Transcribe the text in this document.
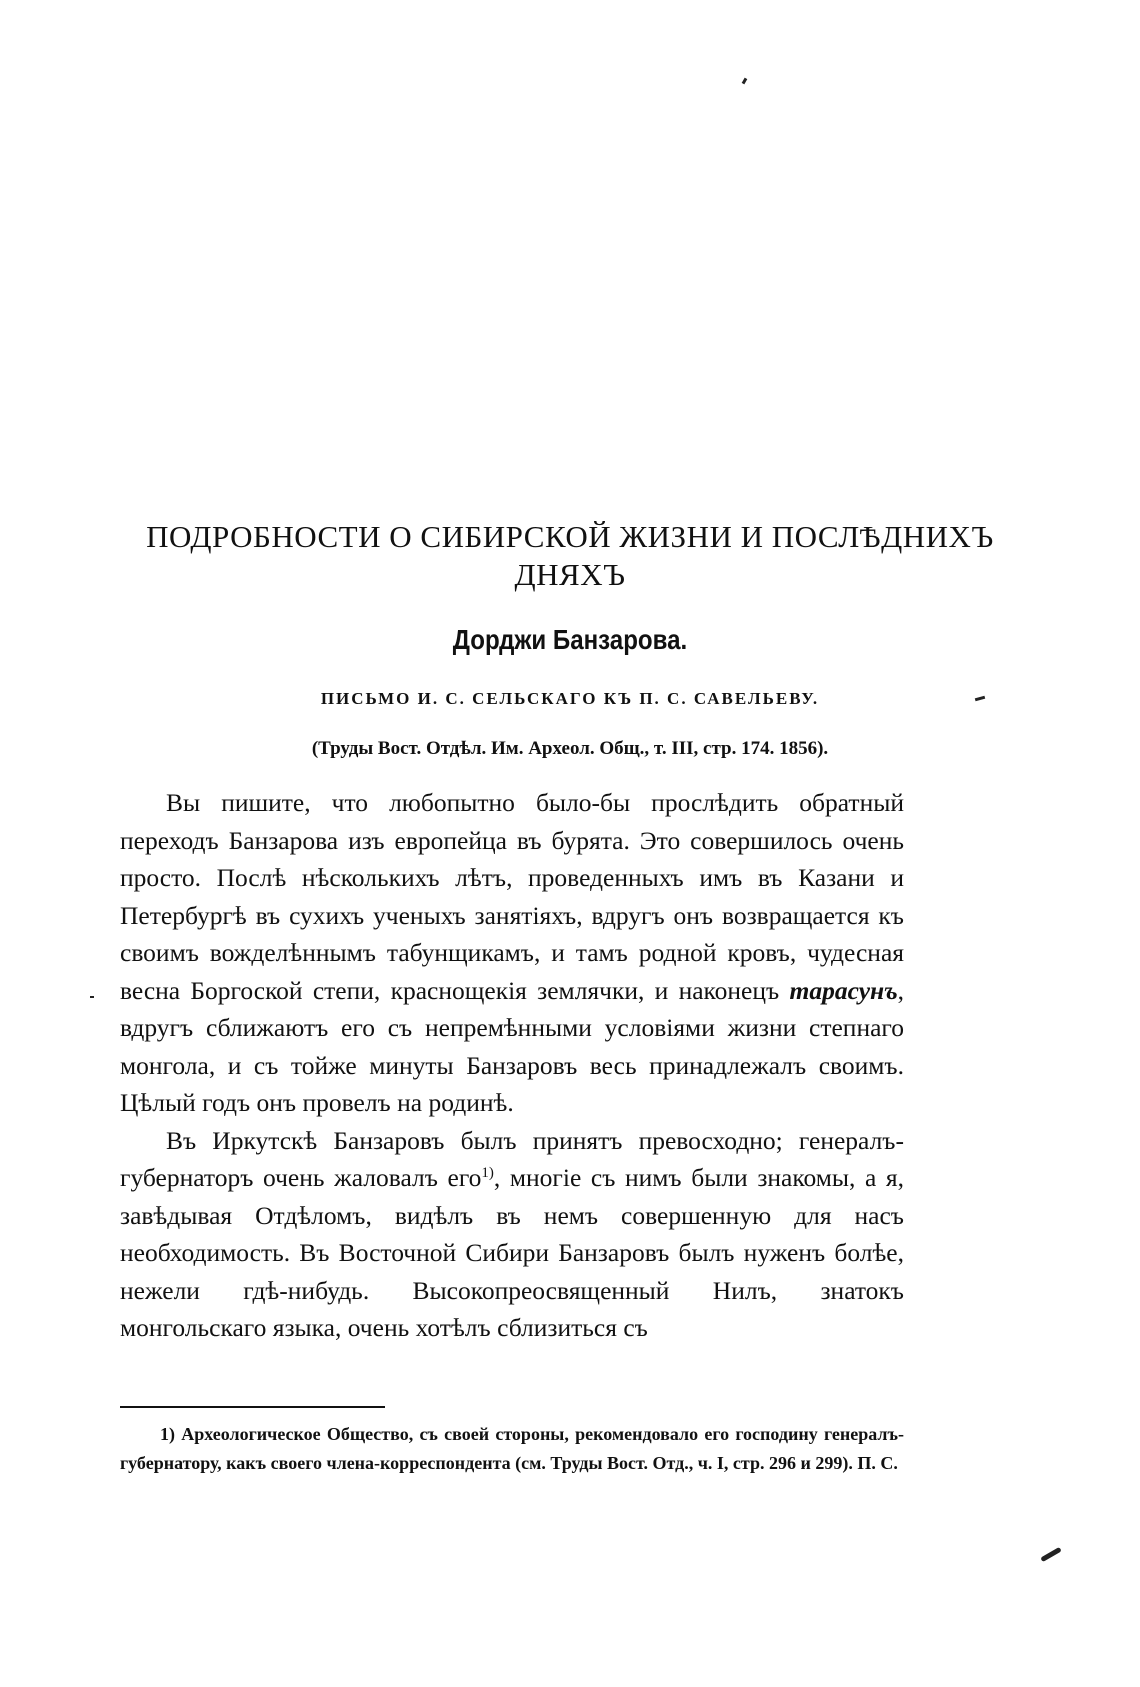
ПОДРОБНОСТИ О СИБИРСКОЙ ЖИЗНИ И ПОСЛѢДНИХЪ ДНЯХЪ
Дорджи Банзарова.
ПИСЬМО И. С. СЕЛЬСКАГО КЪ П. С. САВЕЛЬЕВУ.
(Труды Вост. Отдѣл. Им. Археол. Общ., т. III, стр. 174. 1856).

Вы пишите, что любопытно было-бы прослѣдить обратный переходъ Банзарова изъ европейца въ бурята. Это совершилось очень просто. Послѣ нѣсколькихъ лѣтъ, проведенныхъ имъ въ Казани и Петербургѣ въ сухихъ ученыхъ занятіяхъ, вдругъ онъ возвращается къ своимъ вожделѣннымъ табунщикамъ, и тамъ родной кровъ, чудесная весна Боргоской степи, краснощекія землячки, и наконецъ тарасунъ, вдругъ сближаютъ его съ непремѣнными условіями жизни степнаго монгола, и съ тойже минуты Банзаровъ весь принадлежалъ своимъ. Цѣлый годъ онъ провелъ на родинѣ.

Въ Иркутскѣ Банзаровъ былъ принятъ превосходно; генералъ-губернаторъ очень жаловалъ его$^{1)}$, многіе съ нимъ были знакомы, а я, завѣдывая Отдѣломъ, видѣлъ въ немъ совершенную для насъ необходимость. Въ Восточной Сибири Банзаровъ былъ нуженъ болѣе, нежели гдѣ-нибудь. Высокопреосвященный Нилъ, знатокъ монгольскаго языка, очень хотѣлъ сблизиться съ

1) Археологическое Общество, съ своей стороны, рекомендовало его господину генералъ-губернатору, какъ своего члена-корреспондента (см. Труды Вост. Отд., ч. I, стр. 296 и 299). П. С.
